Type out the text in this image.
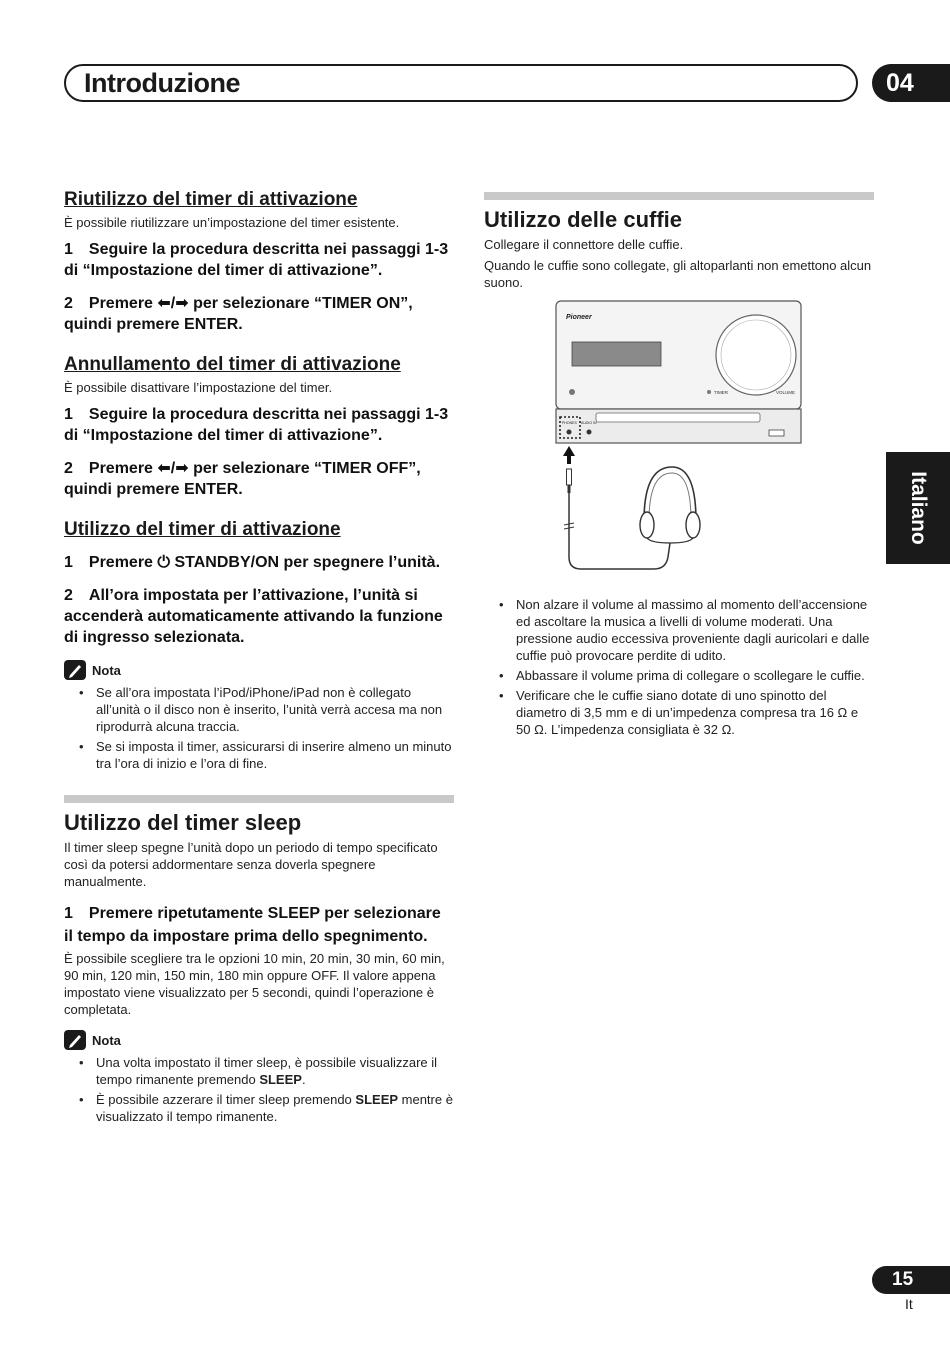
Introduzione	04
Italiano
Riutilizzo del timer di attivazione

È possibile riutilizzare un’impostazione del timer esistente.

1 Seguire la procedura descritta nei passaggi 1-3 di “Impostazione del timer di attivazione”.

2 Premere ⬅/➡ per selezionare “TIMER ON”, quindi premere ENTER.

Annullamento del timer di attivazione

È possibile disattivare l’impostazione del timer.

1 Seguire la procedura descritta nei passaggi 1-3 di “Impostazione del timer di attivazione”.

2 Premere ⬅/➡ per selezionare “TIMER OFF”, quindi premere ENTER.

Utilizzo del timer di attivazione

1 Premere ⏻ STANDBY/ON per spegnere l’unità.

2 All’ora impostata per l’attivazione, l’unità si accenderà automaticamente attivando la funzione di ingresso selezionata.

Nota
• Se all’ora impostata l’iPod/iPhone/iPad non è collegato all’unità o il disco non è inserito, l’unità verrà accesa ma non riprodurrà alcuna traccia.
• Se si imposta il timer, assicurarsi di inserire almeno un minuto tra l’ora di inizio e l’ora di fine.
Utilizzo del timer sleep

Il timer sleep spegne l’unità dopo un periodo di tempo specificato così da potersi addormentare senza doverla spegnere manualmente.

1 Premere ripetutamente SLEEP per selezionare il tempo da impostare prima dello spegnimento.

È possibile scegliere tra le opzioni 10 min, 20 min, 30 min, 60 min, 90 min, 120 min, 150 min, 180 min oppure OFF. Il valore appena impostato viene visualizzato per 5 secondi, quindi l’operazione è completata.

Nota
• Una volta impostato il timer sleep, è possibile visualizzare il tempo rimanente premendo SLEEP.
• È possibile azzerare il timer sleep premendo SLEEP mentre è visualizzato il tempo rimanente.
Utilizzo delle cuffie

Collegare il connettore delle cuffie.

Quando le cuffie sono collegate, gli altoparlanti non emettono alcun suono.

Pioneer
TIMER	VOLUME
PHONES AUDIO IN
• Non alzare il volume al massimo al momento dell’accensione ed ascoltare la musica a livelli di volume moderati. Una pressione audio eccessiva proveniente dagli auricolari e dalle cuffie può provocare perdite di udito.
• Abbassare il volume prima di collegare o scollegare le cuffie.
• Verificare che le cuffie siano dotate di uno spinotto del diametro di 3,5 mm e di un’impedenza compresa tra 16 Ω e 50 Ω. L’impedenza consigliata è 32 Ω.
15
It
